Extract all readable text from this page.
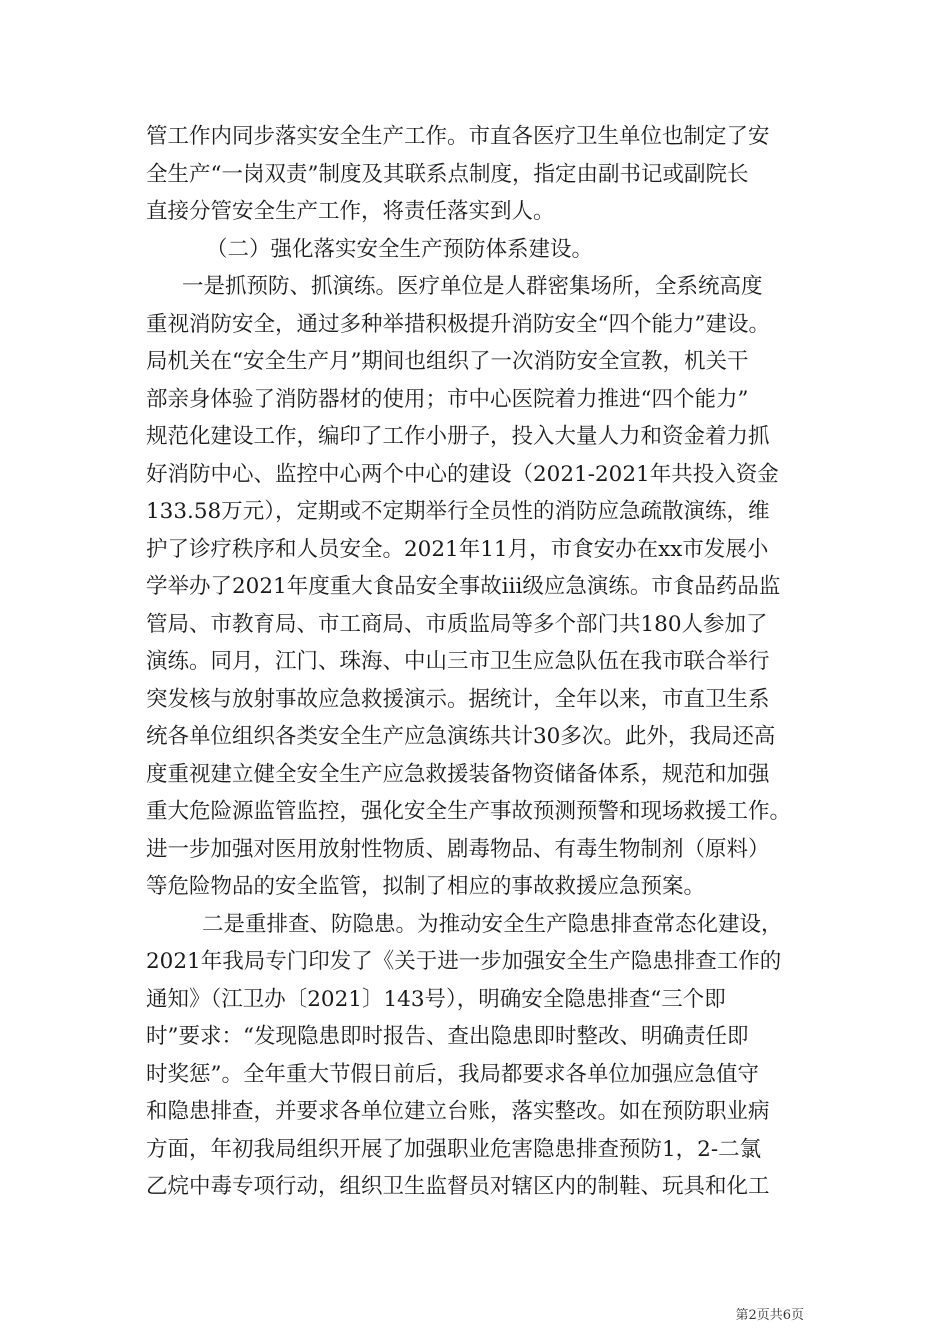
管工作内同步落实安全生产工作。市直各医疗卫生单位也制定了安
全生产“一岗双责”制度及其联系点制度，指定由副书记或副院长
直接分管安全生产工作，将责任落实到人。
（二）强化落实安全生产预防体系建设。
一是抓预防、抓演练。医疗单位是人群密集场所，全系统高度
重视消防安全，通过多种举措积极提升消防安全“四个能力”建设。
局机关在“安全生产月”期间也组织了一次消防安全宣教，机关干
部亲身体验了消防器材的使用；市中心医院着力推进“四个能力”
规范化建设工作，编印了工作小册子，投入大量人力和资金着力抓
好消防中心、监控中心两个中心的建设（2021-2021年共投入资金
133.58万元），定期或不定期举行全员性的消防应急疏散演练，维
护了诊疗秩序和人员安全。2021年11月，市食安办在xx市发展小
学举办了2021年度重大食品安全事故iii级应急演练。市食品药品监
管局、市教育局、市工商局、市质监局等多个部门共180人参加了
演练。同月，江门、珠海、中山三市卫生应急队伍在我市联合举行
突发核与放射事故应急救援演示。据统计，全年以来，市直卫生系
统各单位组织各类安全生产应急演练共计30多次。此外，我局还高
度重视建立健全安全生产应急救援装备物资储备体系，规范和加强
重大危险源监管监控，强化安全生产事故预测预警和现场救援工作。
进一步加强对医用放射性物质、剧毒物品、有毒生物制剂（原料）
等危险物品的安全监管，拟制了相应的事故救援应急预案。
二是重排查、防隐患。为推动安全生产隐患排查常态化建设，
2021年我局专门印发了《关于进一步加强安全生产隐患排查工作的
通知》（江卫办〔2021〕143号），明确安全隐患排查“三个即
时”要求：“发现隐患即时报告、查出隐患即时整改、明确责任即
时奖惩”。全年重大节假日前后，我局都要求各单位加强应急值守
和隐患排查，并要求各单位建立台账，落实整改。如在预防职业病
方面，年初我局组织开展了加强职业危害隐患排查预防1，2-二氯
乙烷中毒专项行动，组织卫生监督员对辖区内的制鞋、玩具和化工
第2页共6页
